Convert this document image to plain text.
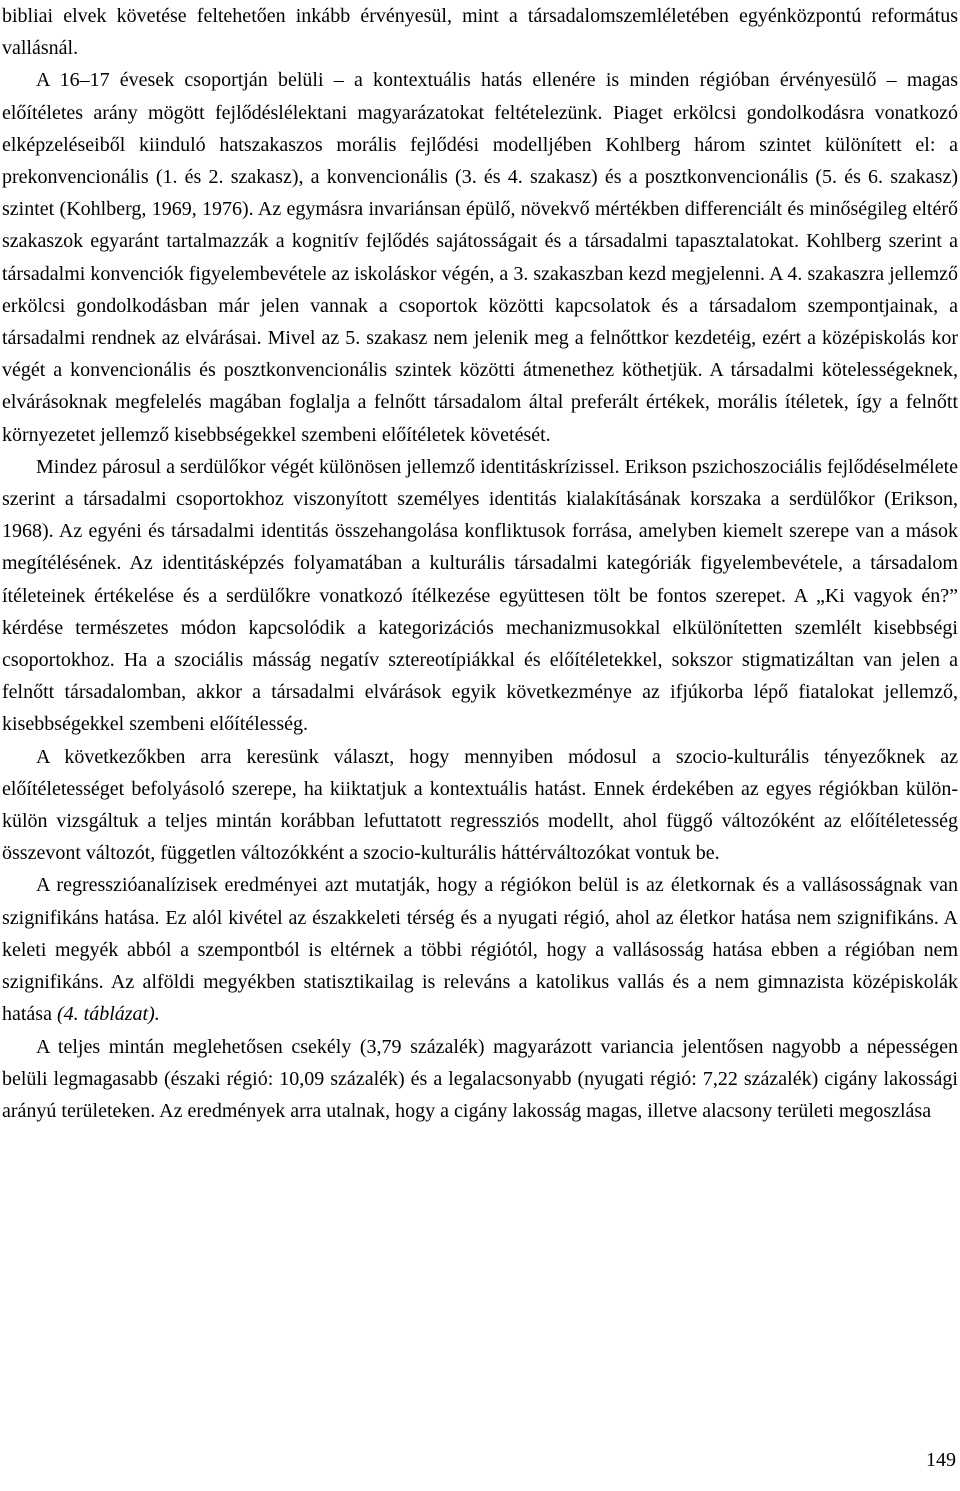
bibliai elvek követése feltehetően inkább érvényesül, mint a társadalomszemléletében egyénközpontú református vallásnál.

A 16–17 évesek csoportján belüli – a kontextuális hatás ellenére is minden régióban érvényesülő – magas előítéletes arány mögött fejlődéslélektani magyarázatokat feltételezünk. Piaget erkölcsi gondolkodásra vonatkozó elképzeléseiből kiinduló hatszakaszos morális fejlődési modelljében Kohlberg három szintet különített el: a prekonvencionális (1. és 2. szakasz), a konvencionális (3. és 4. szakasz) és a posztkonvencionális (5. és 6. szakasz) szintet (Kohlberg, 1969, 1976). Az egymásra invariánsan épülő, növekvő mértékben differenciált és minőségileg eltérő szakaszok egyaránt tartalmazzák a kognitív fejlődés sajátosságait és a társadalmi tapasztalatokat. Kohlberg szerint a társadalmi konvenciók figyelembevétele az iskoláskor végén, a 3. szakaszban kezd megjelenni. A 4. szakaszra jellemző erkölcsi gondolkodásban már jelen vannak a csoportok közötti kapcsolatok és a társadalom szempontjainak, a társadalmi rendnek az elvárásai. Mivel az 5. szakasz nem jelenik meg a felnőttkor kezdetéig, ezért a középiskolás kor végét a konvencionális és posztkonvencionális szintek közötti átmenethez köthetjük. A társadalmi kötelességeknek, elvárásoknak megfelelés magában foglalja a felnőtt társadalom által preferált értékek, morális ítéletek, így a felnőtt környezetet jellemző kisebbségekkel szembeni előítéletek követését.

Mindez párosul a serdülőkor végét különösen jellemző identitáskrízissel. Erikson pszichoszociális fejlődéselmélete szerint a társadalmi csoportokhoz viszonyított személyes identitás kialakításának korszaka a serdülőkor (Erikson, 1968). Az egyéni és társadalmi identitás összehangolása konfliktusok forrása, amelyben kiemelt szerepe van a mások megítélésének. Az identitásképzés folyamatában a kulturális társadalmi kategóriák figyelembevétele, a társadalom ítéleteinek értékelése és a serdülőkre vonatkozó ítélkezése együttesen tölt be fontos szerepet. A „Ki vagyok én?” kérdése természetes módon kapcsolódik a kategorizációs mechanizmusokkal elkülönítetten szemlélt kisebbségi csoportokhoz. Ha a szociális másság negatív sztereotípiákkal és előítéletekkel, sokszor stigmatizáltan van jelen a felnőtt társadalomban, akkor a társadalmi elvárások egyik következménye az ifjúkorba lépő fiatalokat jellemző, kisebbségekkel szembeni előítélesség.

A következőkben arra keresünk választ, hogy mennyiben módosul a szocio-kulturális tényezőknek az előítéletességet befolyásoló szerepe, ha kiiktatjuk a kontextuális hatást. Ennek érdekében az egyes régiókban külön-külön vizsgáltuk a teljes mintán korábban lefuttatott regressziós modellt, ahol függő változóként az előítéletesség összevont változót, független változókként a szocio-kulturális háttérváltozókat vontuk be.

A regresszióanalízisek eredményei azt mutatják, hogy a régiókon belül is az életkornak és a vallásosságnak van szignifikáns hatása. Ez alól kivétel az északkeleti térség és a nyugati régió, ahol az életkor hatása nem szignifikáns. A keleti megyék abból a szempontból is eltérnek a többi régiótól, hogy a vallásosság hatása ebben a régióban nem szignifikáns. Az alföldi megyékben statisztikailag is releváns a katolikus vallás és a nem gimnazista középiskolák hatása (4. táblázat).

A teljes mintán meglehetősen csekély (3,79 százalék) magyarázott variancia jelentősen nagyobb a népességen belüli legmagasabb (északi régió: 10,09 százalék) és a legalacsonyabb (nyugati régió: 7,22 százalék) cigány lakossági arányú területeken. Az eredmények arra utalnak, hogy a cigány lakosság magas, illetve alacsony területi megoszlása

149
